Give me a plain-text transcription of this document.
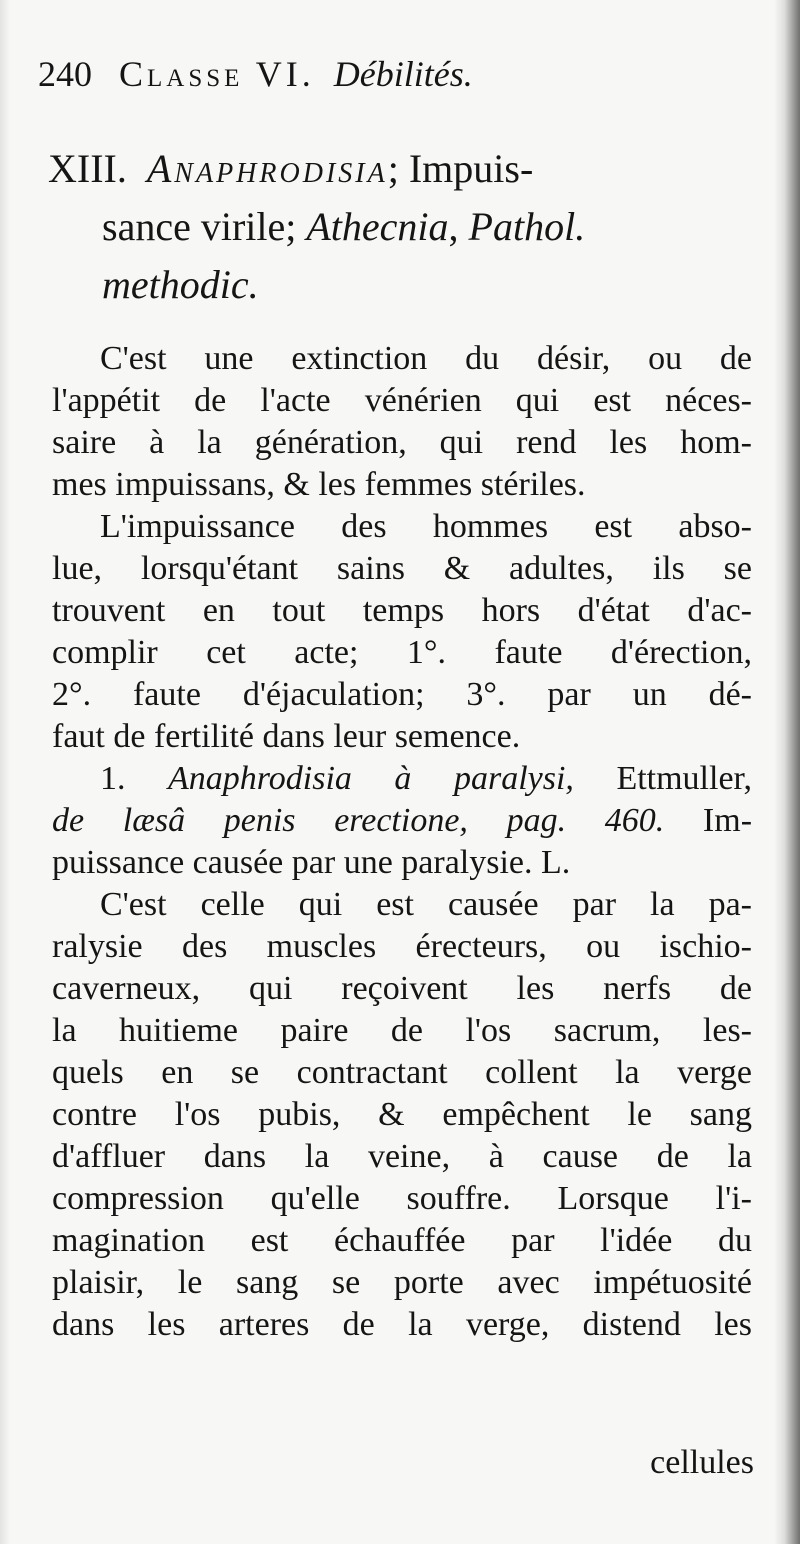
240 Classe VI. Débilités.
XIII. Anaphrodisia; Impuis-
sance virile; Athecnia, Pathol.
methodic.
C'est une extinction du désir, ou de
l'appétit de l'acte vénérien qui est néces-
saire à la génération, qui rend les hom-
mes impuissans, & les femmes stériles.
L'impuissance des hommes est abso-
lue, lorsqu'étant sains & adultes, ils se
trouvent en tout temps hors d'état d'ac-
complir cet acte; 1°. faute d'érection,
2°. faute d'éjaculation; 3°. par un dé-
faut de fertilité dans leur semence.
1. Anaphrodisia à paralysi, Ettmuller,
de læsâ penis erectione, pag. 460. Im-
puissance causée par une paralysie. L.
C'est celle qui est causée par la pa-
ralysie des muscles érecteurs, ou ischio-
caverneux, qui reçoivent les nerfs de
la huitieme paire de l'os sacrum, les-
quels en se contractant collent la verge
contre l'os pubis, & empêchent le sang
d'affluer dans la veine, à cause de la
compression qu'elle souffre. Lorsque l'i-
magination est échauffée par l'idée du
plaisir, le sang se porte avec impétuosité
dans les arteres de la verge, distend les
cellules
